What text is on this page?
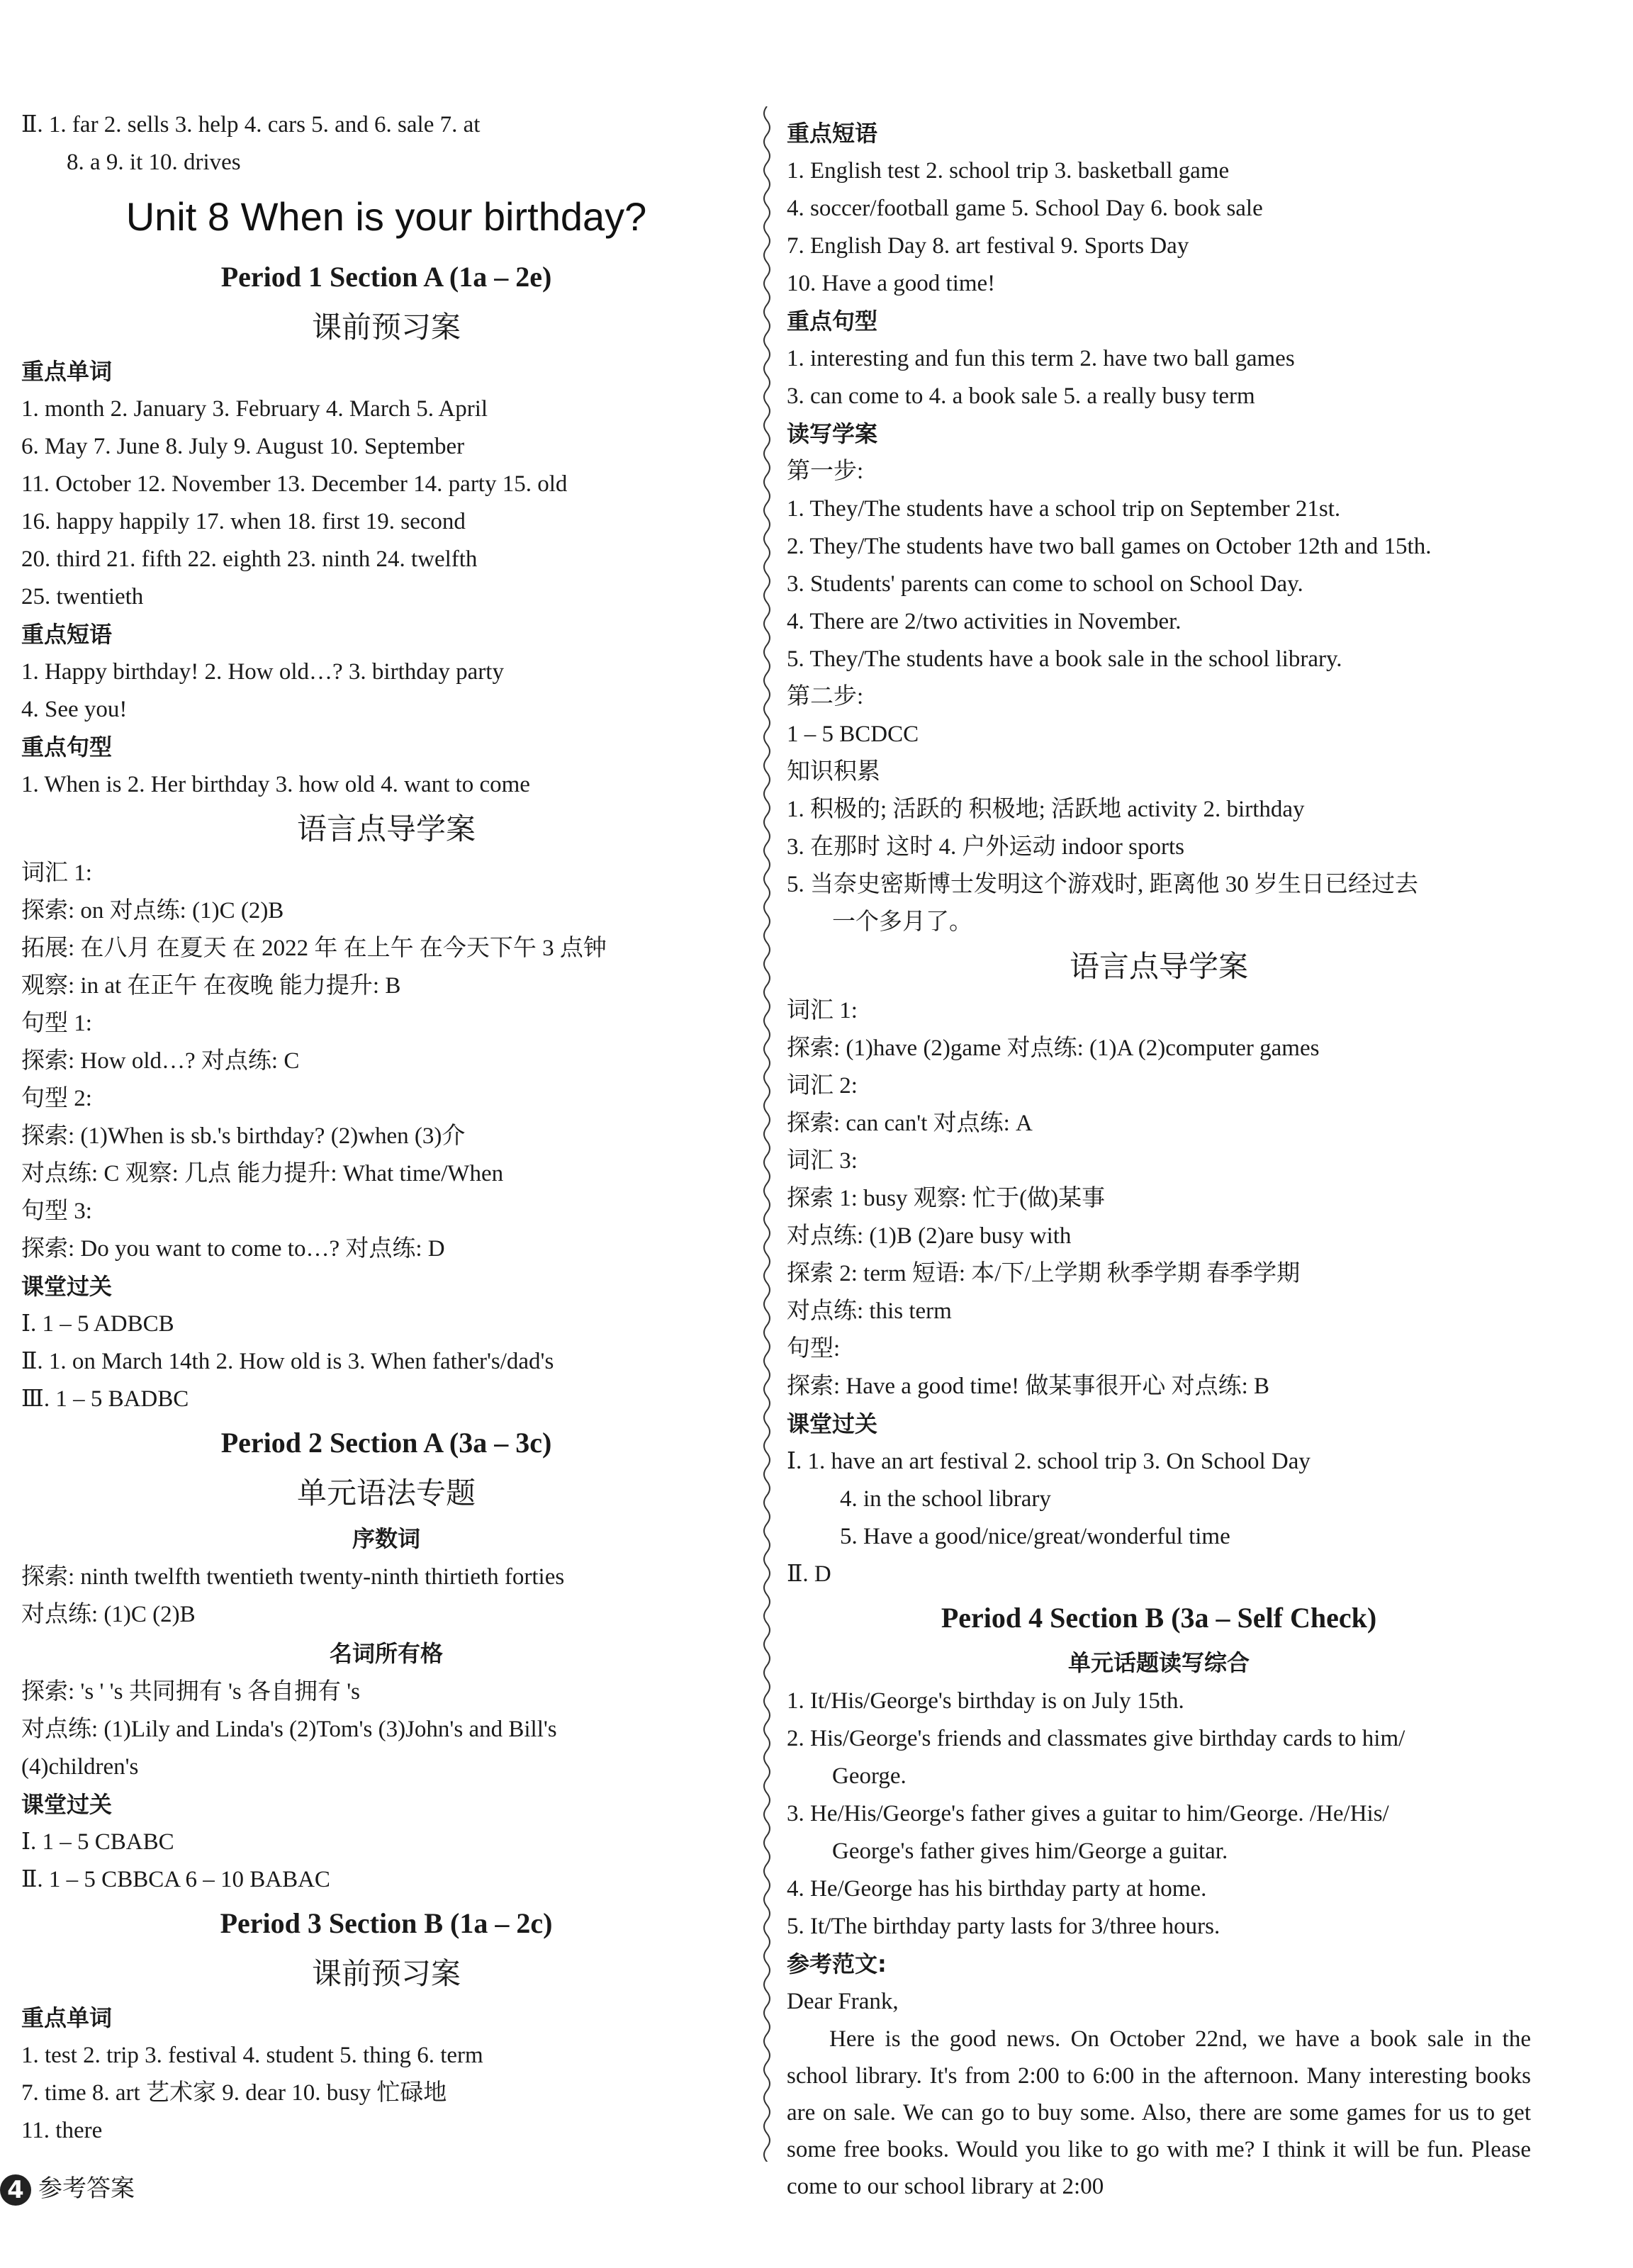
Ⅱ. 1. far 2. sells 3. help 4. cars 5. and 6. sale 7. at
8. a 9. it 10. drives
Unit 8 When is your birthday?
Period 1 Section A (1a – 2e)
课前预习案
重点单词
1. month 2. January 3. February 4. March 5. April
6. May 7. June 8. July 9. August 10. September
11. October 12. November 13. December 14. party 15. old
16. happy happily 17. when 18. first 19. second
20. third 21. fifth 22. eighth 23. ninth 24. twelfth
25. twentieth
重点短语
1. Happy birthday! 2. How old…? 3. birthday party
4. See you!
重点句型
1. When is 2. Her birthday 3. how old 4. want to come
语言点导学案
词汇 1:
探索: on 对点练: (1)C (2)B
拓展: 在八月 在夏天 在 2022 年 在上午 在今天下午 3 点钟
观察: in at 在正午 在夜晚 能力提升: B
句型 1:
探索: How old…? 对点练: C
句型 2:
探索: (1)When is sb.'s birthday? (2)when (3)介
对点练: C 观察: 几点 能力提升: What time/When
句型 3:
探索: Do you want to come to…? 对点练: D
课堂过关
Ⅰ. 1 – 5 ADBCB
Ⅱ. 1. on March 14th 2. How old is 3. When father's/dad's
Ⅲ. 1 – 5 BADBC
Period 2 Section A (3a – 3c)
单元语法专题
序数词
探索: ninth twelfth twentieth twenty-ninth thirtieth forties
对点练: (1)C (2)B
名词所有格
探索: 's ' 's 共同拥有 's 各自拥有 's
对点练: (1)Lily and Linda's (2)Tom's (3)John's and Bill's
(4)children's
课堂过关
Ⅰ. 1 – 5 CBABC
Ⅱ. 1 – 5 CBBCA 6 – 10 BABAC
Period 3 Section B (1a – 2c)
课前预习案
重点单词
1. test 2. trip 3. festival 4. student 5. thing 6. term
7. time 8. art 艺术家 9. dear 10. busy 忙碌地
11. there
重点短语
1. English test 2. school trip 3. basketball game
4. soccer/football game 5. School Day 6. book sale
7. English Day 8. art festival 9. Sports Day
10. Have a good time!
重点句型
1. interesting and fun this term 2. have two ball games
3. can come to 4. a book sale 5. a really busy term
读写学案
第一步:
1. They/The students have a school trip on September 21st.
2. They/The students have two ball games on October 12th and 15th.
3. Students' parents can come to school on School Day.
4. There are 2/two activities in November.
5. They/The students have a book sale in the school library.
第二步:
1 – 5 BCDCC
知识积累
1. 积极的; 活跃的 积极地; 活跃地 activity 2. birthday
3. 在那时 这时 4. 户外运动 indoor sports
5. 当奈史密斯博士发明这个游戏时, 距离他 30 岁生日已经过去
一个多月了。
语言点导学案
词汇 1:
探索: (1)have (2)game 对点练: (1)A (2)computer games
词汇 2:
探索: can can't 对点练: A
词汇 3:
探索 1: busy 观察: 忙于(做)某事
对点练: (1)B (2)are busy with
探索 2: term 短语: 本/下/上学期 秋季学期 春季学期
对点练: this term
句型:
探索: Have a good time! 做某事很开心 对点练: B
课堂过关
Ⅰ. 1. have an art festival 2. school trip 3. On School Day
4. in the school library
5. Have a good/nice/great/wonderful time
Ⅱ. D
Period 4 Section B (3a – Self Check)
单元话题读写综合
1. It/His/George's birthday is on July 15th.
2. His/George's friends and classmates give birthday cards to him/
George.
3. He/His/George's father gives a guitar to him/George. /He/His/
George's father gives him/George a guitar.
4. He/George has his birthday party at home.
5. It/The birthday party lasts for 3/three hours.
参考范文:
Dear Frank,
Here is the good news. On October 22nd, we have a book sale in the school library. It's from 2:00 to 6:00 in the afternoon. Many interesting books are on sale. We can go to buy some. Also, there are some games for us to get some free books. Would you like to go with me? I think it will be fun. Please come to our school library at 2:00
4 参考答案
